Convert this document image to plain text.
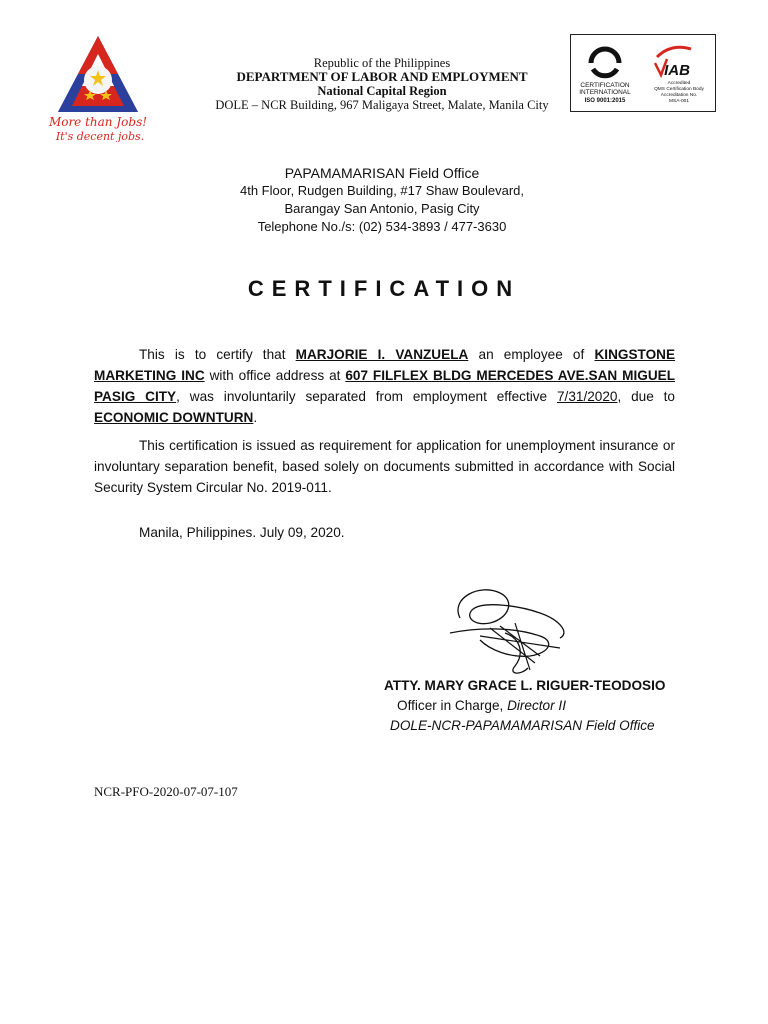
More than Jobs!
It's decent jobs.
Republic of the Philippines
DEPARTMENT OF LABOR AND EMPLOYMENT
National Capital Region
DOLE – NCR Building, 967 Maligaya Street, Malate, Manila City
CERTIFICATION
INTERNATIONAL
ISO 9001:2015
IAB
Accredited
QMS Certification Body
Accreditation No.
MSA-001
PAPAMAMARISAN Field Office
4th Floor, Rudgen Building, #17 Shaw Boulevard,
Barangay San Antonio, Pasig City
Telephone No./s: (02) 534-3893 / 477-3630
CERTIFICATION
This is to certify that MARJORIE I. VANZUELA an employee of KINGSTONE MARKETING INC with office address at 607 FILFLEX BLDG MERCEDES AVE.SAN MIGUEL PASIG CITY, was involuntarily separated from employment effective 7/31/2020, due to ECONOMIC DOWNTURN.
This certification is issued as requirement for application for unemployment insurance or involuntary separation benefit, based solely on documents submitted in accordance with Social Security System Circular No. 2019-011.
Manila, Philippines. July 09, 2020.
ATTY. MARY GRACE L. RIGUER-TEODOSIO
Officer in Charge, Director II
DOLE-NCR-PAPAMAMARISAN Field Office
NCR-PFO-2020-07-07-107
